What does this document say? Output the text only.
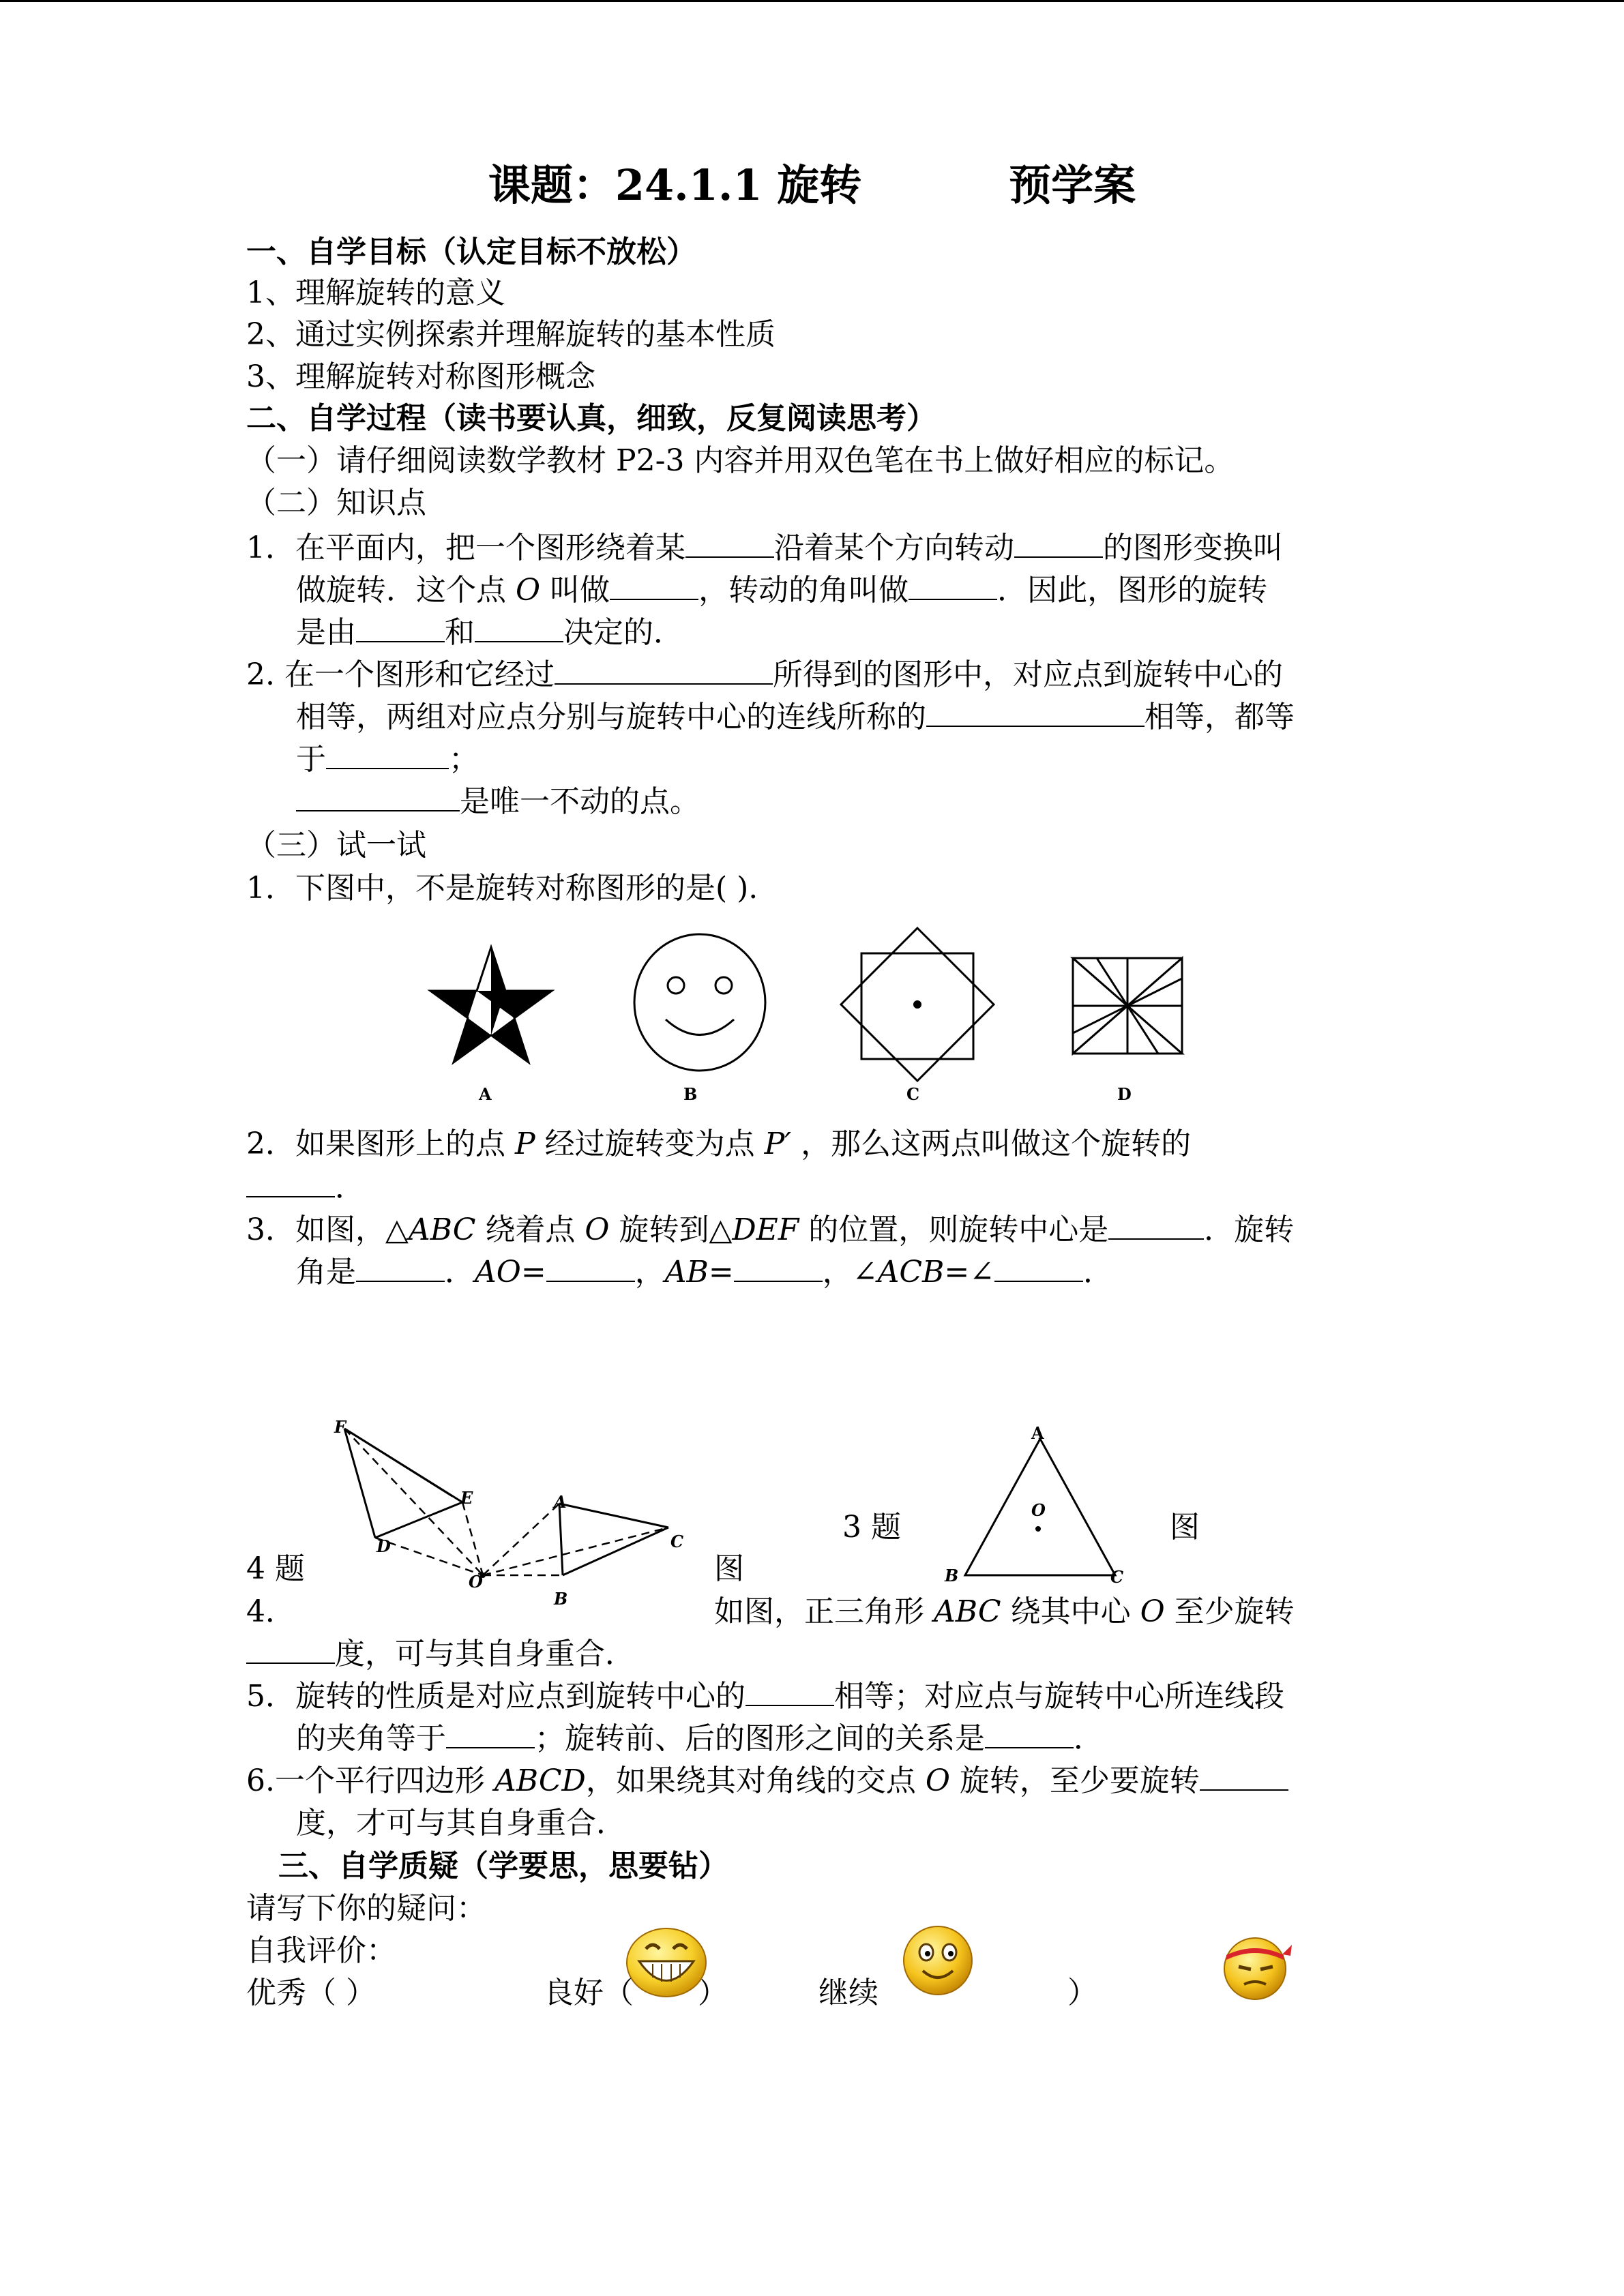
课题：24.1.1 旋转          预学案
一、自学目标（认定目标不放松）
1、理解旋转的意义
2、通过实例探索并理解旋转的基本性质
3、理解旋转对称图形概念
二、自学过程（读书要认真，细致，反复阅读思考）
（一）请仔细阅读数学教材 P2-3 内容并用双色笔在书上做好相应的标记。
（二）知识点
1．在平面内，把一个图形绕着某	沿着某个方向转动	的图形变换叫
做旋转．这个点 O 叫做	，转动的角叫做	．因此，图形的旋转
是由	和	决定的．
2. 在一个图形和它经过	所得到的图形中，对应点到旋转中心的
相等，两组对应点分别与旋转中心的连线所称的	相等，都等
于	；
是唯一不动的点。
（三）试一试
1．下图中，不是旋转对称图形的是( ).
A	B	C	D
2．如果图形上的点 P 经过旋转变为点 P′ ，那么这两点叫做这个旋转的
．
3．如图，△ABC 绕着点 O 旋转到△DEF 的位置，则旋转中心是	．旋转
角是	．AO=	，AB=	，∠ACB=∠	．
F
E	A
C
D
O
B
A
O
B	C
3 题	图
4 题	图
4．	如图，正三角形 ABC 绕其中心 O 至少旋转
度，可与其自身重合．
5．旋转的性质是对应点到旋转中心的	相等；对应点与旋转中心所连线段
的夹角等于	；旋转前、后的图形之间的关系是	．
6.一个平行四边形 ABCD，如果绕其对角线的交点 O 旋转，至少要旋转
度，才可与其自身重合．
三、自学质疑（学要思，思要钻）
请写下你的疑问：
自我评价：
优秀（ ）	良好（ ）	继续	）
